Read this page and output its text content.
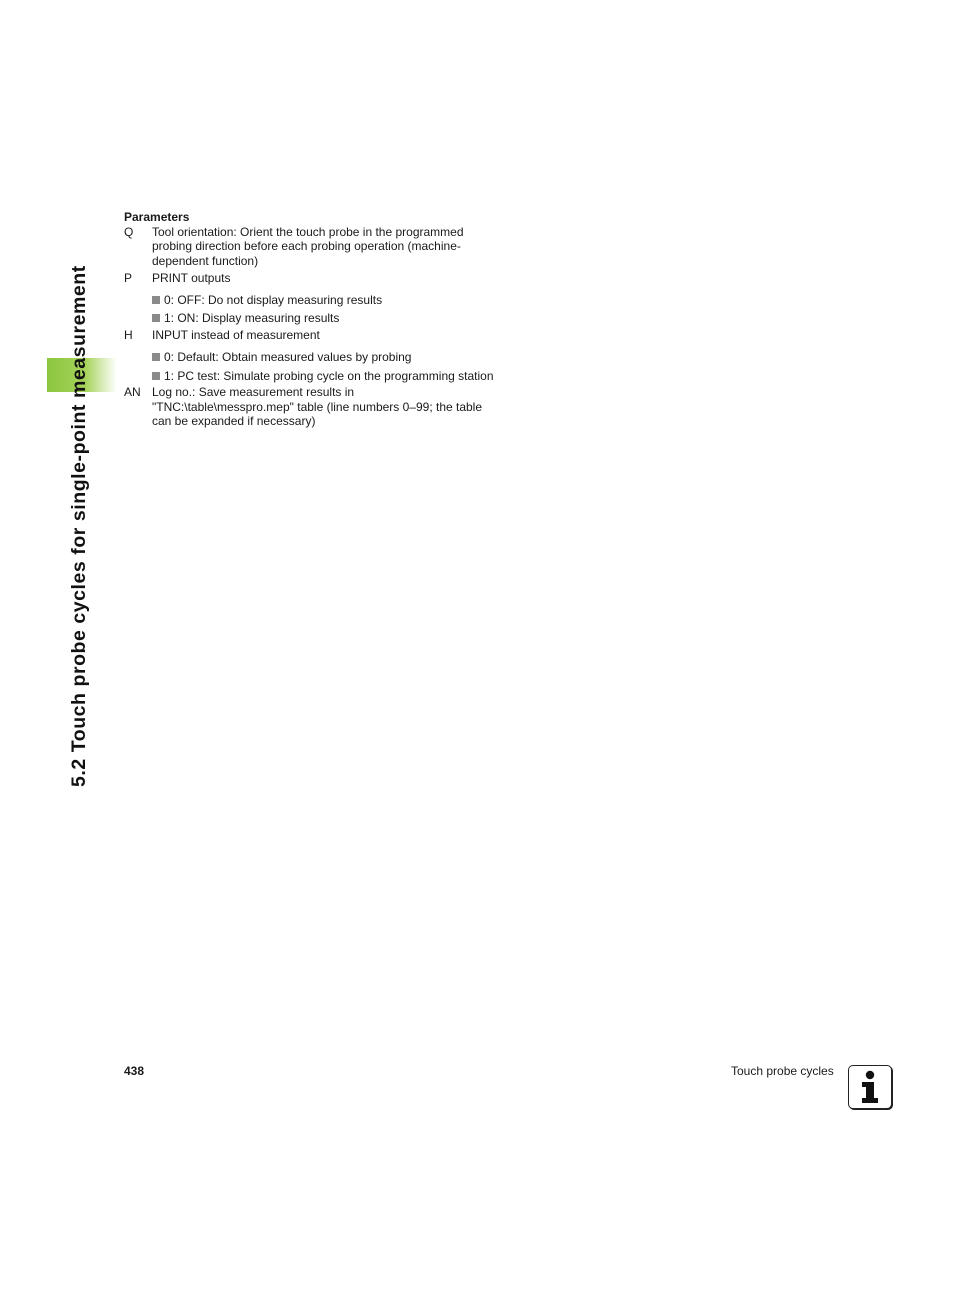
5.2 Touch probe cycles for single-point measurement

Parameters

Q	Tool orientation: Orient the touch probe in the programmed
probing direction before each probing operation (machine-
dependent function)
P	PRINT outputs
0: OFF: Do not display measuring results
1: ON: Display measuring results
H	INPUT instead of measurement
0: Default: Obtain measured values by probing
1: PC test: Simulate probing cycle on the programming station
AN Log no.: Save measurement results in
"TNC:\table\messpro.mep" table (line numbers 0–99; the table
can be expanded if necessary)
438	Touch probe cycles
